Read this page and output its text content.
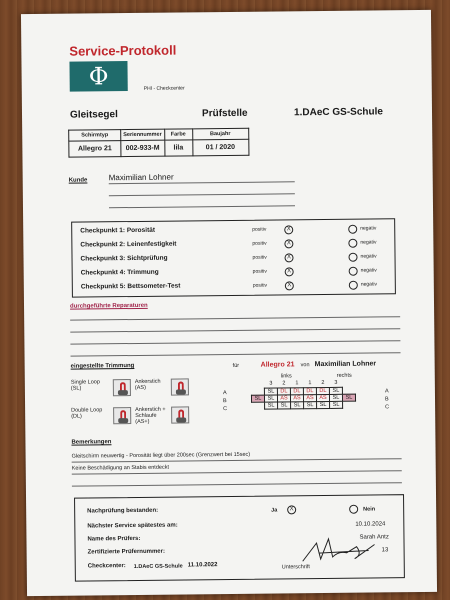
Service-Protokoll
Φ	PHI - Checkcenter
Gleitsegel	Prüfstelle	1.DAeC GS-Schule
Schirmtyp	Seriennummer	Farbe	Baujahr
Allegro 21	002-933-M	lila	01 / 2020
Kunde	Maximilian Lohner
Checkpunkt 1: Porosität	positiv	X	negativ
Checkpunkt 2: Leinenfestigkeit	positiv	X	negativ
Checkpunkt 3: Sichtprüfung	positiv	X	negativ
Checkpunkt 4: Trimmung	positiv	X	negativ
Checkpunkt 5: Bettsometer-Test	positiv	X	negativ
durchgeführte Reparaturen
eingestellte Trimmung	für	Allegro 21 von Maximilian Lohner
Single Loop (SL)
Ankerstich (AS)
Double Loop (DL)
Ankerstich + Schlaufe (AS+)
links	rechts
A
B
C
A
B
C
	3	2	1	1	2	3	
	SL	DL	DL	DL	DL	SL	
SL	SL	AS	AS	AS	AS	SL	SL
	SL	SL	SL	SL	SL	SL	
Bemerkungen
Gleitschirm neuwertig - Porosität liegt über 200sec (Grenzwert bei 15sec)
Keine Beschädigung an Stabis entdeckt
Nachprüfung bestanden:	Ja	X	Nein
Nächster Service spätestes am:	10.10.2024
Name des Prüfers:	Sarah Antz
Zertifizierte Prüfernummer:	13
Checkcenter: 1.DAeC GS-Schule 11.10.2022	Unterschrift
